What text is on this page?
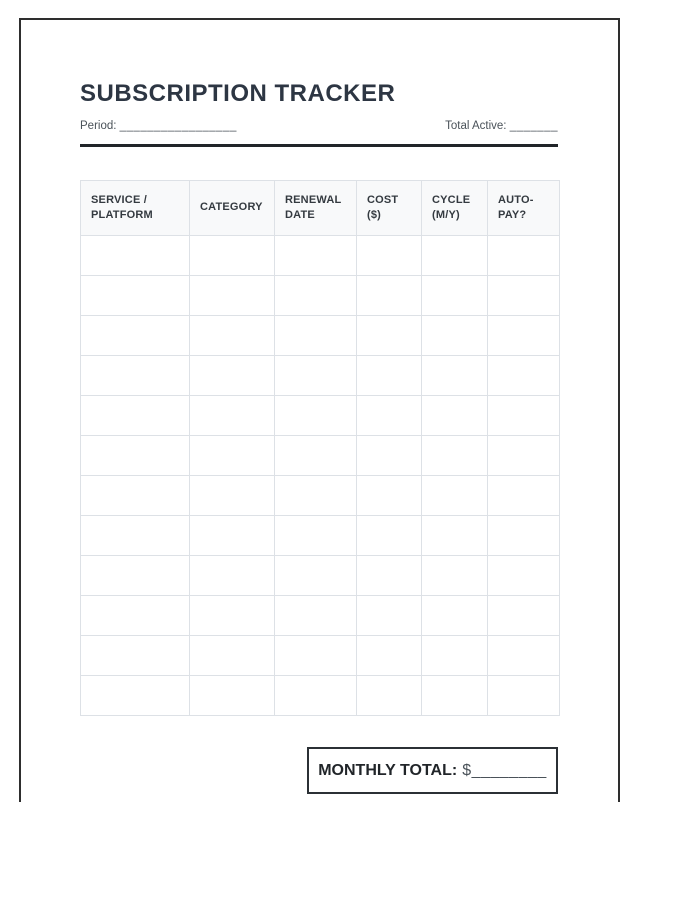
SUBSCRIPTION TRACKER
Period: _________________	Total Active: _______
SERVICE / PLATFORM	CATEGORY	RENEWAL DATE	COST ($)	CYCLE (M/Y)	AUTO-PAY?

MONTHLY TOTAL: $________
